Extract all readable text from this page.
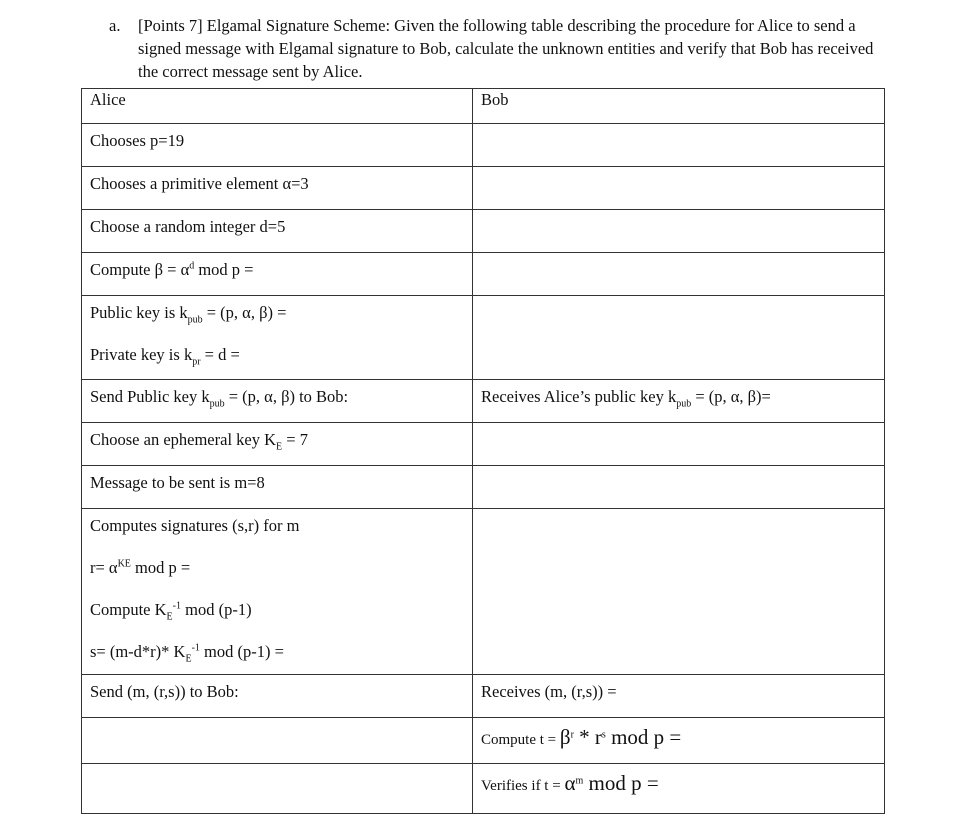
a. [Points 7] Elgamal Signature Scheme: Given the following table describing the procedure for Alice to send a signed message with Elgamal signature to Bob, calculate the unknown entities and verify that Bob has received the correct message sent by Alice.
Alice	Bob

Chooses p=19	

Chooses a primitive element α=3	

Choose a random integer d=5	

Compute $\beta = \alpha^d$ mod p =	

Public key is $k_{pub} = (p$, α, β) =
Private key is $k_{pr} = d$ =	

Send Public key $k_{pub} = (p$, α, β) to Bob:	Receives Alice’s public key $k_{pub} = (p$, α, β)=

Choose an ephemeral key $K_E = 7$	

Message to be sent is m=8	

Computes signatures (s,r) for m
$r= \alpha^{KE}$ mod p =
Compute $K_E^{-1}$ mod (p-1)
s= (m-d*r)* $K_E^{-1}$ mod (p-1) =	

Send (m, (r,s)) to Bob:	Receives (m, (r,s)) =

	Compute $t = \beta^r * r^s$ mod p =

	Verifies if $t = \alpha^m$ mod p =
